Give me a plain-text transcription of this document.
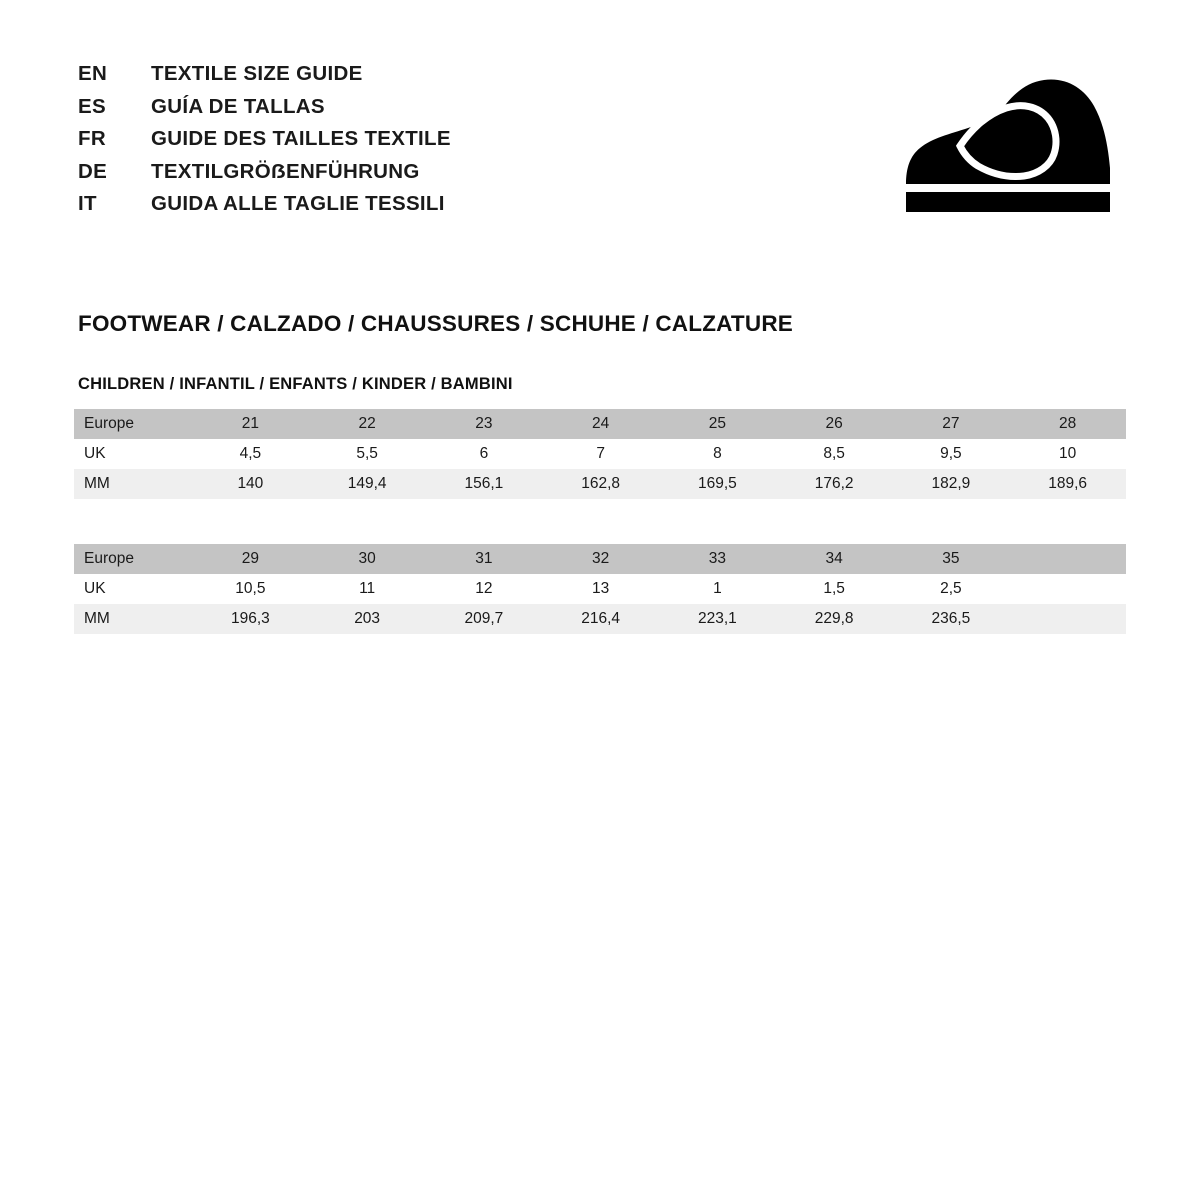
EN	TEXTILE SIZE GUIDE
ES	GUÍA DE TALLAS
FR	GUIDE DES TAILLES TEXTILE
DE	TEXTILGRÖẞENFÜHRUNG
IT	GUIDA ALLE TAGLIE TESSILI
FOOTWEAR / CALZADO / CHAUSSURES / SCHUHE / CALZATURE
CHILDREN / INFANTIL / ENFANTS / KINDER / BAMBINI
Europe	21	22	23	24	25	26	27	28
UK	4,5	5,5	6	7	8	8,5	9,5	10
MM	140	149,4	156,1	162,8	169,5	176,2	182,9	189,6
Europe	29	30	31	32	33	34	35	
UK	10,5	11	12	13	1	1,5	2,5	
MM	196,3	203	209,7	216,4	223,1	229,8	236,5	
